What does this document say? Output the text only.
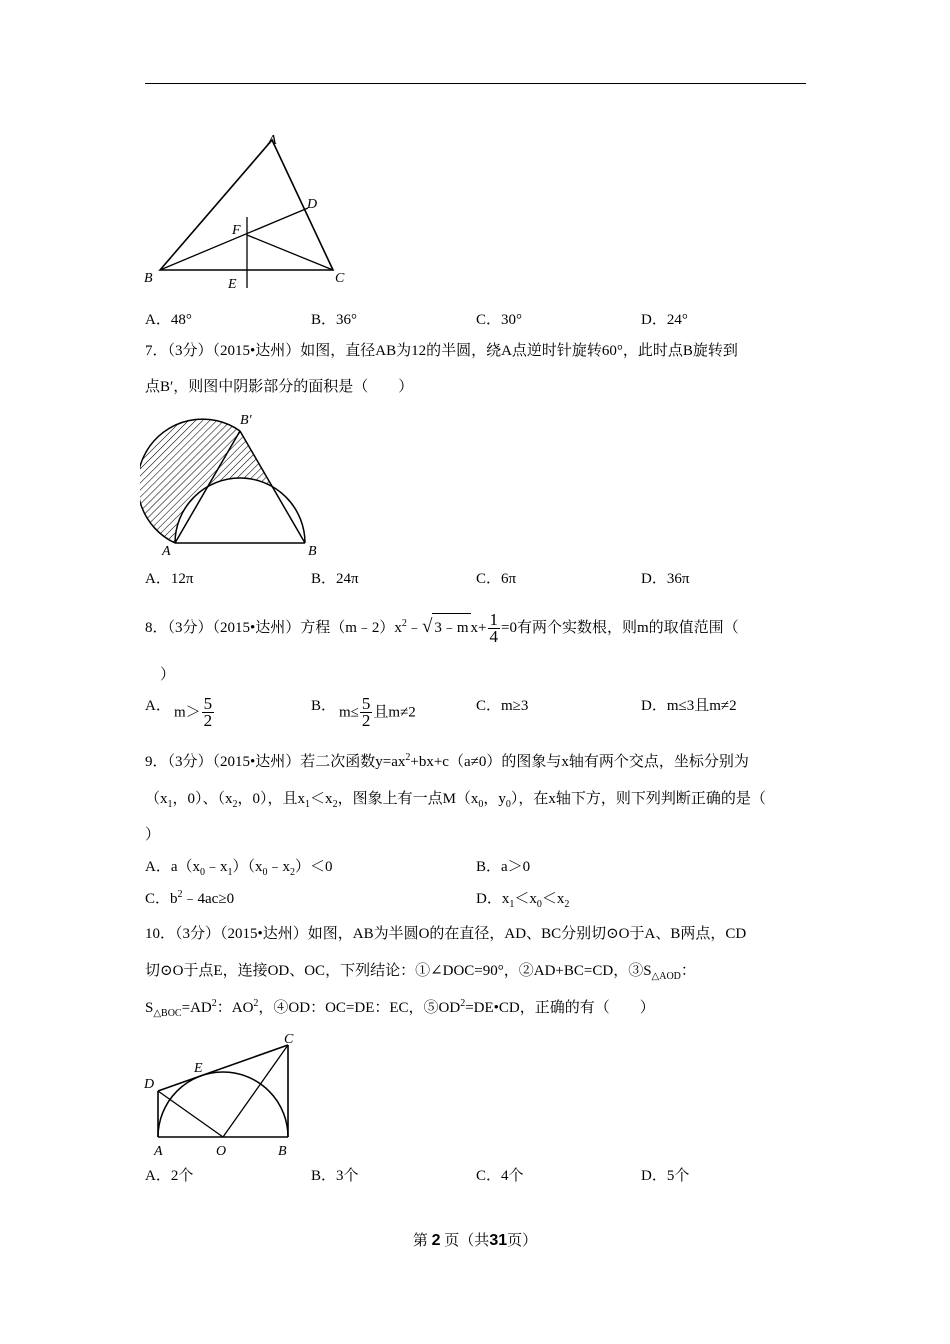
A
B	C
D
E
F
A．48°	B．36°	C．30°	D．24°
7．（3分）（2015•达州）如图，直径AB为12的半圆，绕A点逆时针旋转60°，此时点B旋转到
点B′，则图中阴影部分的面积是（　　）
A	B
B′
A．12π	B．24π	C．6π	D．36π
8．（3分）（2015•达州）方程$(m﹣2)x^2﹣√$ 3﹣m $x+ \frac{1}{4} =0$有两个实数根，则m的取值范围（
）
A． $m> \frac{5}{2}$	B． $m\le \frac{5}{2}$ 且m≠2	C．m≥3	D．m≤3且m≠2
9．（3分）（2015•达州）若二次函数$y=ax^2+bx+c(a\ne 0)$的图象与x轴有两个交点，坐标分别为
（$x_1$，0）、（$x_2$，0），且$x_1<x_2$，图象上有一点$M(x_0$，$y_0$），在x轴下方，则下列判断正确的是（
）
A．$a(x_0﹣x_1)(x_0﹣x_2)<0$	B．a＞0
C．$b^2﹣4ac\ge 0$	D．$x_1<x_0<x_2$
10．（3分）（2015•达州）如图，AB为半圆O的在直径，AD、BC分别切⊙O于A、B两点，CD
切⊙O于点E，连接OD、OC，下列结论：①∠DOC=90°，②AD+BC=CD，$③S_{\triangle AOD}$：
$S_{\triangle BOC}=AD^2$：$AO^2$，④OD：OC=DE：EC，$⑤OD^2=DE•CD$，正确的有（　　）
A	B
C
D
E
O
A．2个	B．3个	C．4个	D．5个
第 2 页（共31页）
